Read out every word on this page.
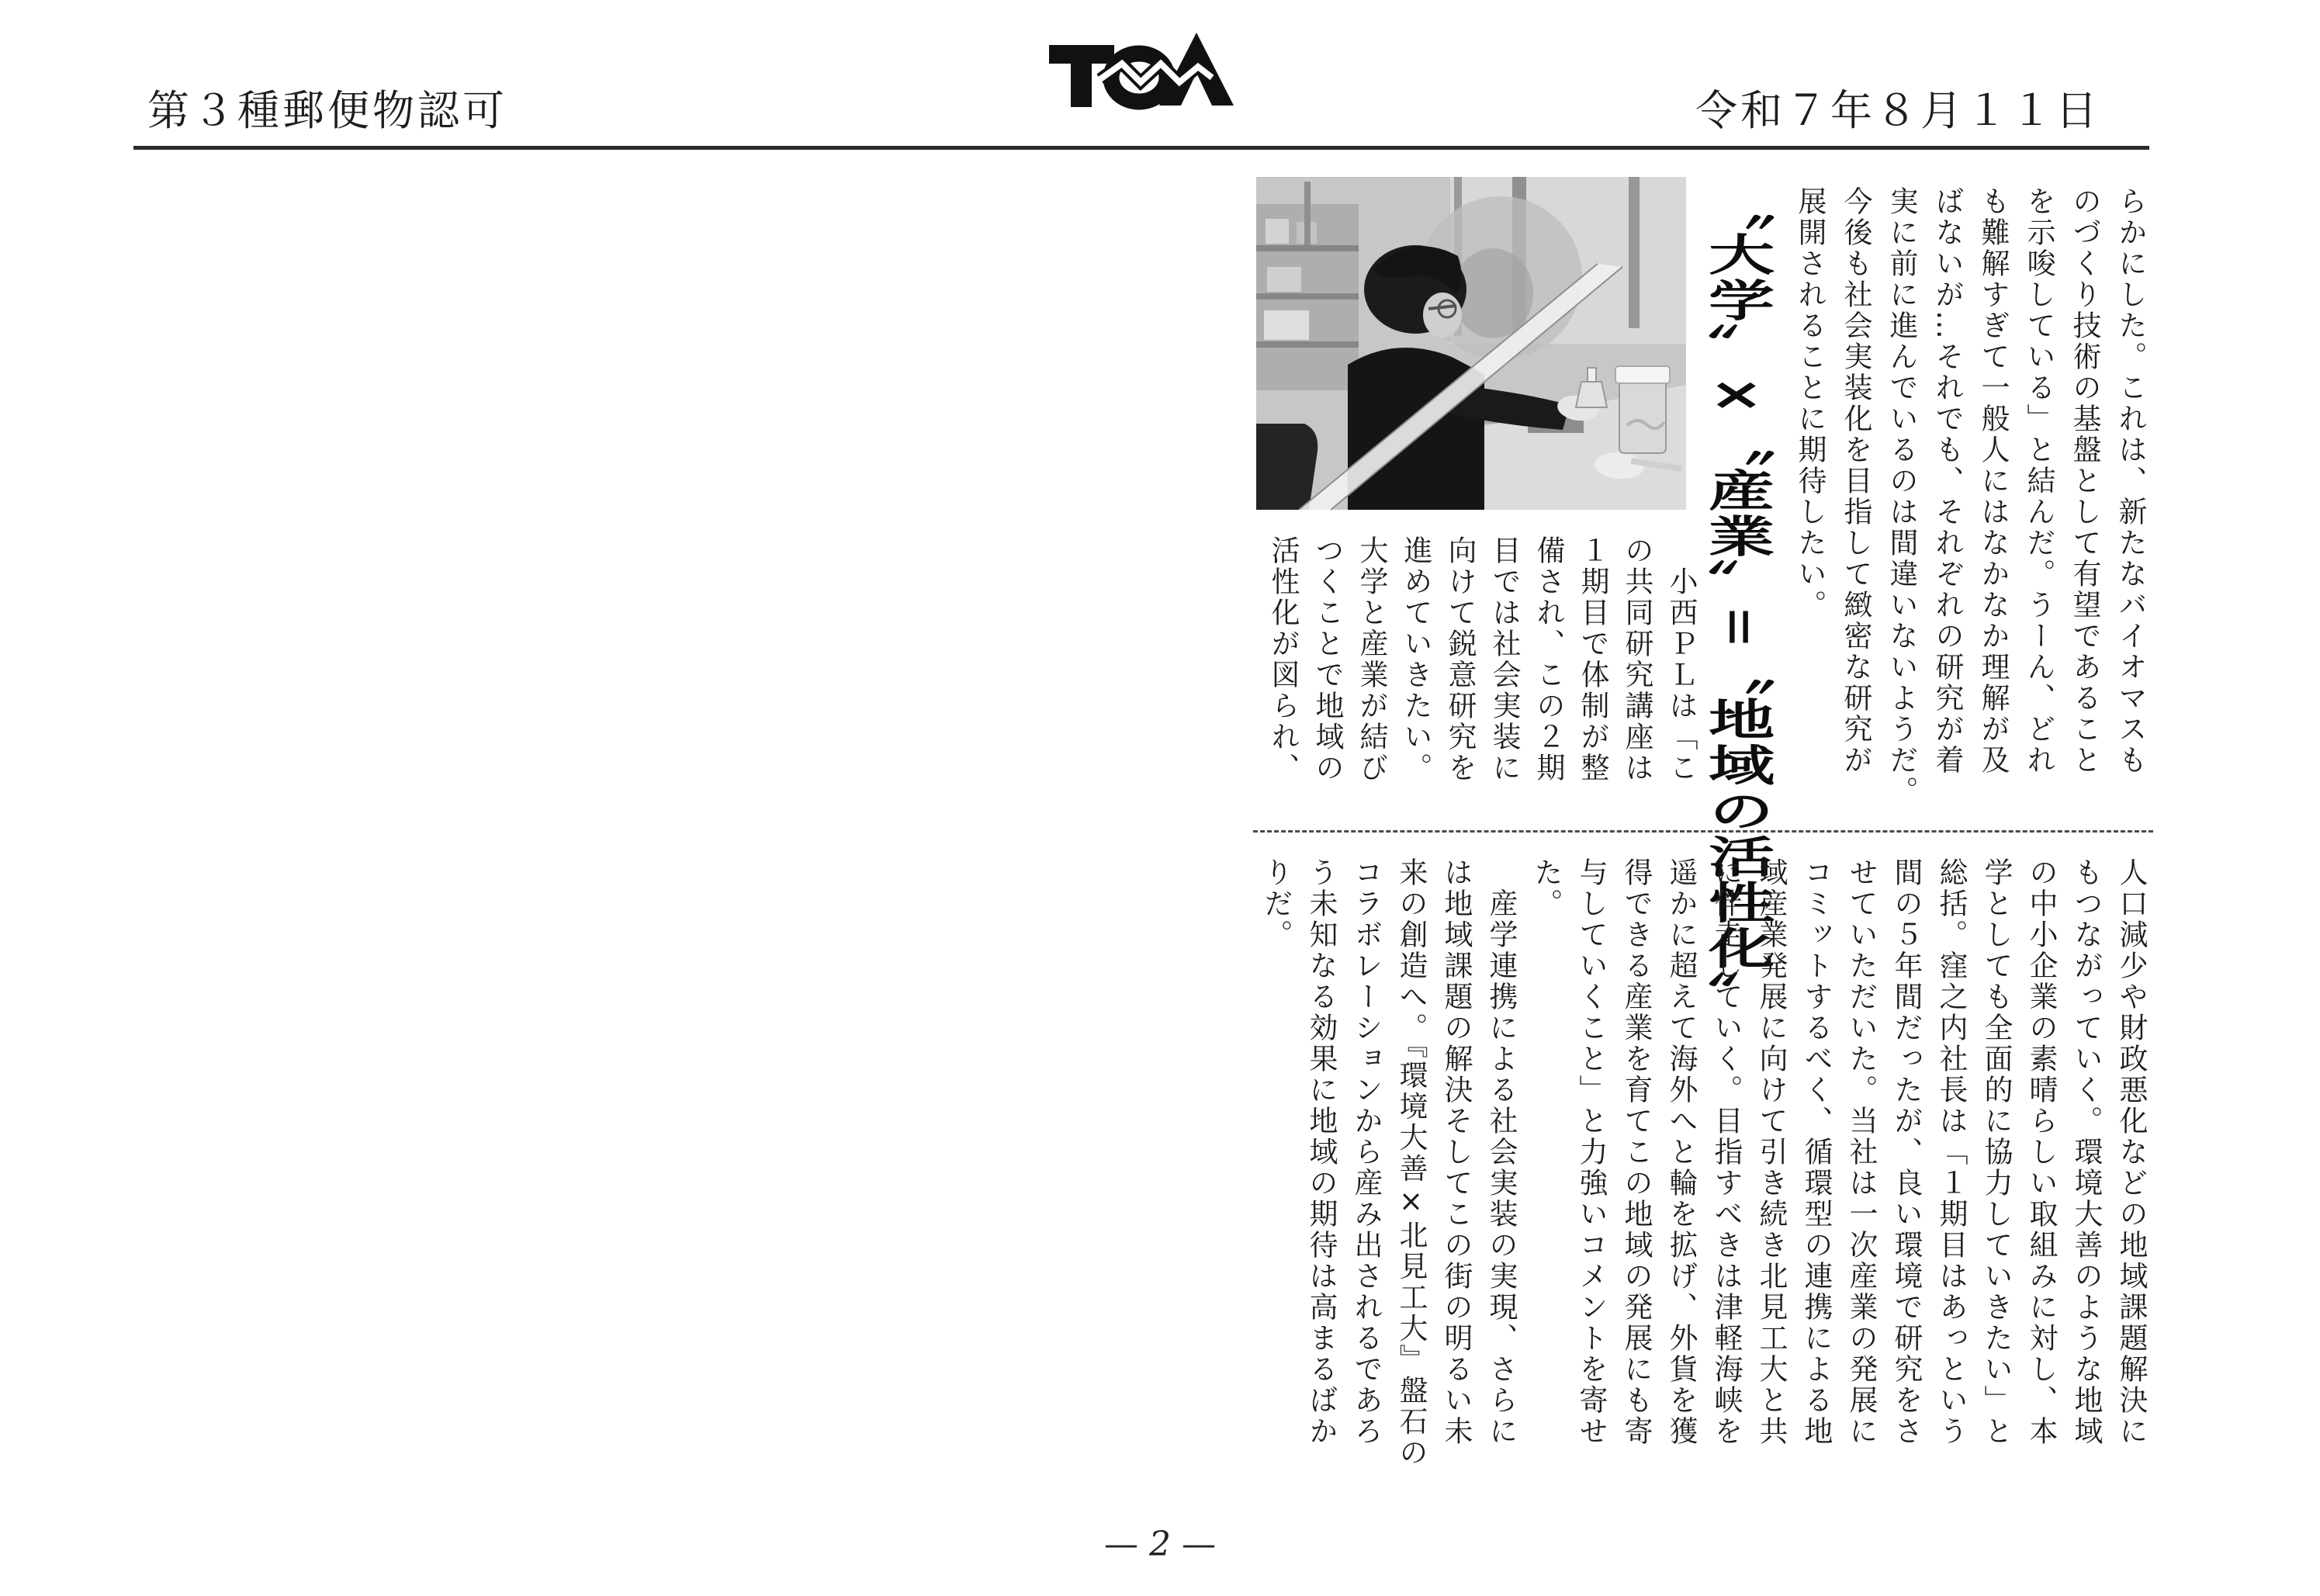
第３種郵便物認可	令和７年８月１１日
〝大学〟×〝産業〟＝〝地域の活性化〟	らかにした。これは、新たなバイオマスも
のづくり技術の基盤として有望であること
を示唆している」と結んだ。うーん、どれ
も難解すぎて一般人にはなかなか理解が及
ばないが…それでも、それぞれの研究が着
実に前に進んでいるのは間違いないようだ。
今後も社会実装化を目指して緻密な研究が
展開されることに期待したい。
　小西ＰＬは「こ
の共同研究講座は
１期目で体制が整
備され、この２期
目では社会実装に
向けて鋭意研究を
進めていきたい。
大学と産業が結び
つくことで地域の
活性化が図られ、
人口減少や財政悪化などの地域課題解決に
もつながっていく。環境大善のような地域
の中小企業の素晴らしい取組みに対し、本
学としても全面的に協力していきたい」と
総括。窪之内社長は「１期目はあっという
間の５年間だったが、良い環境で研究をさ
せていただいた。当社は一次産業の発展に
コミットするべく、循環型の連携による地
域産業発展に向けて引き続き北見工大と共
に伴走していく。目指すべきは津軽海峡を
遥かに超えて海外へと輪を拡げ、外貨を獲
得できる産業を育てこの地域の発展にも寄
与していくこと」と力強いコメントを寄せ
た。
　産学連携による社会実装の実現、さらに
は地域課題の解決そしてこの街の明るい未
来の創造へ。『環境大善×北見工大』盤石の
コラボレーションから産み出されるであろ
う未知なる効果に地域の期待は高まるばか
りだ。
— 2 —
